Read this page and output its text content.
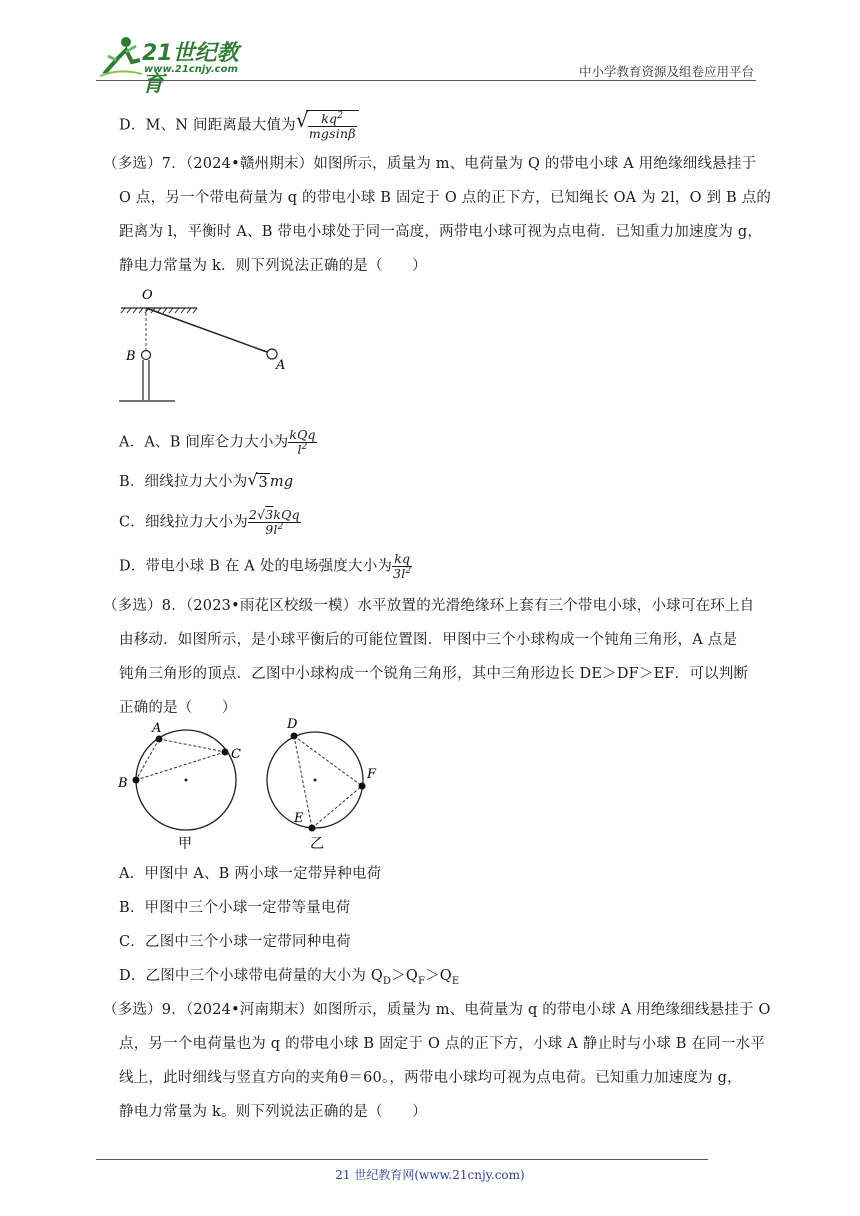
21世纪教育
www.21cnjy.com	中小学教育资源及组卷应用平台
D．M、N 间距离最大值为 √ $\frac{kq^2}{mgsin\beta}$
（多选）7．（2024•赣州期末）如图所示，质量为 m、电荷量为 Q 的带电小球 A 用绝缘细线悬挂于
O 点，另一个带电荷量为 q 的带电小球 B 固定于 O 点的正下方，已知绳长 OA 为 2l，O 到 B 点的
距离为 l，平衡时 A、B 带电小球处于同一高度，两带电小球可视为点电荷．已知重力加速度为 g，
静电力常量为 k．则下列说法正确的是（　　）
O
B
A
A．A、B 间库仑力大小为 $\frac{\text{kQq}}{l^2}$
B．细线拉力大小为 √ 3 mg
C．细线拉力大小为 $\frac{\text{2√3kQq}}{9l^2}$
D．带电小球 B 在 A 处的电场强度大小为 $\frac{kq}{3l^2}$
（多选）8．（2023•雨花区校级一模）水平放置的光滑绝缘环上套有三个带电小球，小球可在环上自
由移动．如图所示，是小球平衡后的可能位置图．甲图中三个小球构成一个钝角三角形，A 点是
钝角三角形的顶点．乙图中小球构成一个锐角三角形，其中三角形边长 DE＞DF＞EF．可以判断
正确的是（　　）
A
C
B
甲
D
F
E
乙
A．甲图中 A、B 两小球一定带异种电荷
B．甲图中三个小球一定带等量电荷
C．乙图中三个小球一定带同种电荷
D．乙图中三个小球带电荷量的大小为 $Q_D>Q_F>Q_E$
（多选）9．（2024•河南期末）如图所示，质量为 m、电荷量为 q 的带电小球 A 用绝缘细线悬挂于 O
点，另一个电荷量也为 q 的带电小球 B 固定于 O 点的正下方，小球 A 静止时与小球 B 在同一水平
线上，此时细线与竖直方向的夹角θ＝60。，两带电小球均可视为点电荷。已知重力加速度为 g，
静电力常量为 k。则下列说法正确的是（　　）
21 世纪教育网(www.21cnjy.com)
